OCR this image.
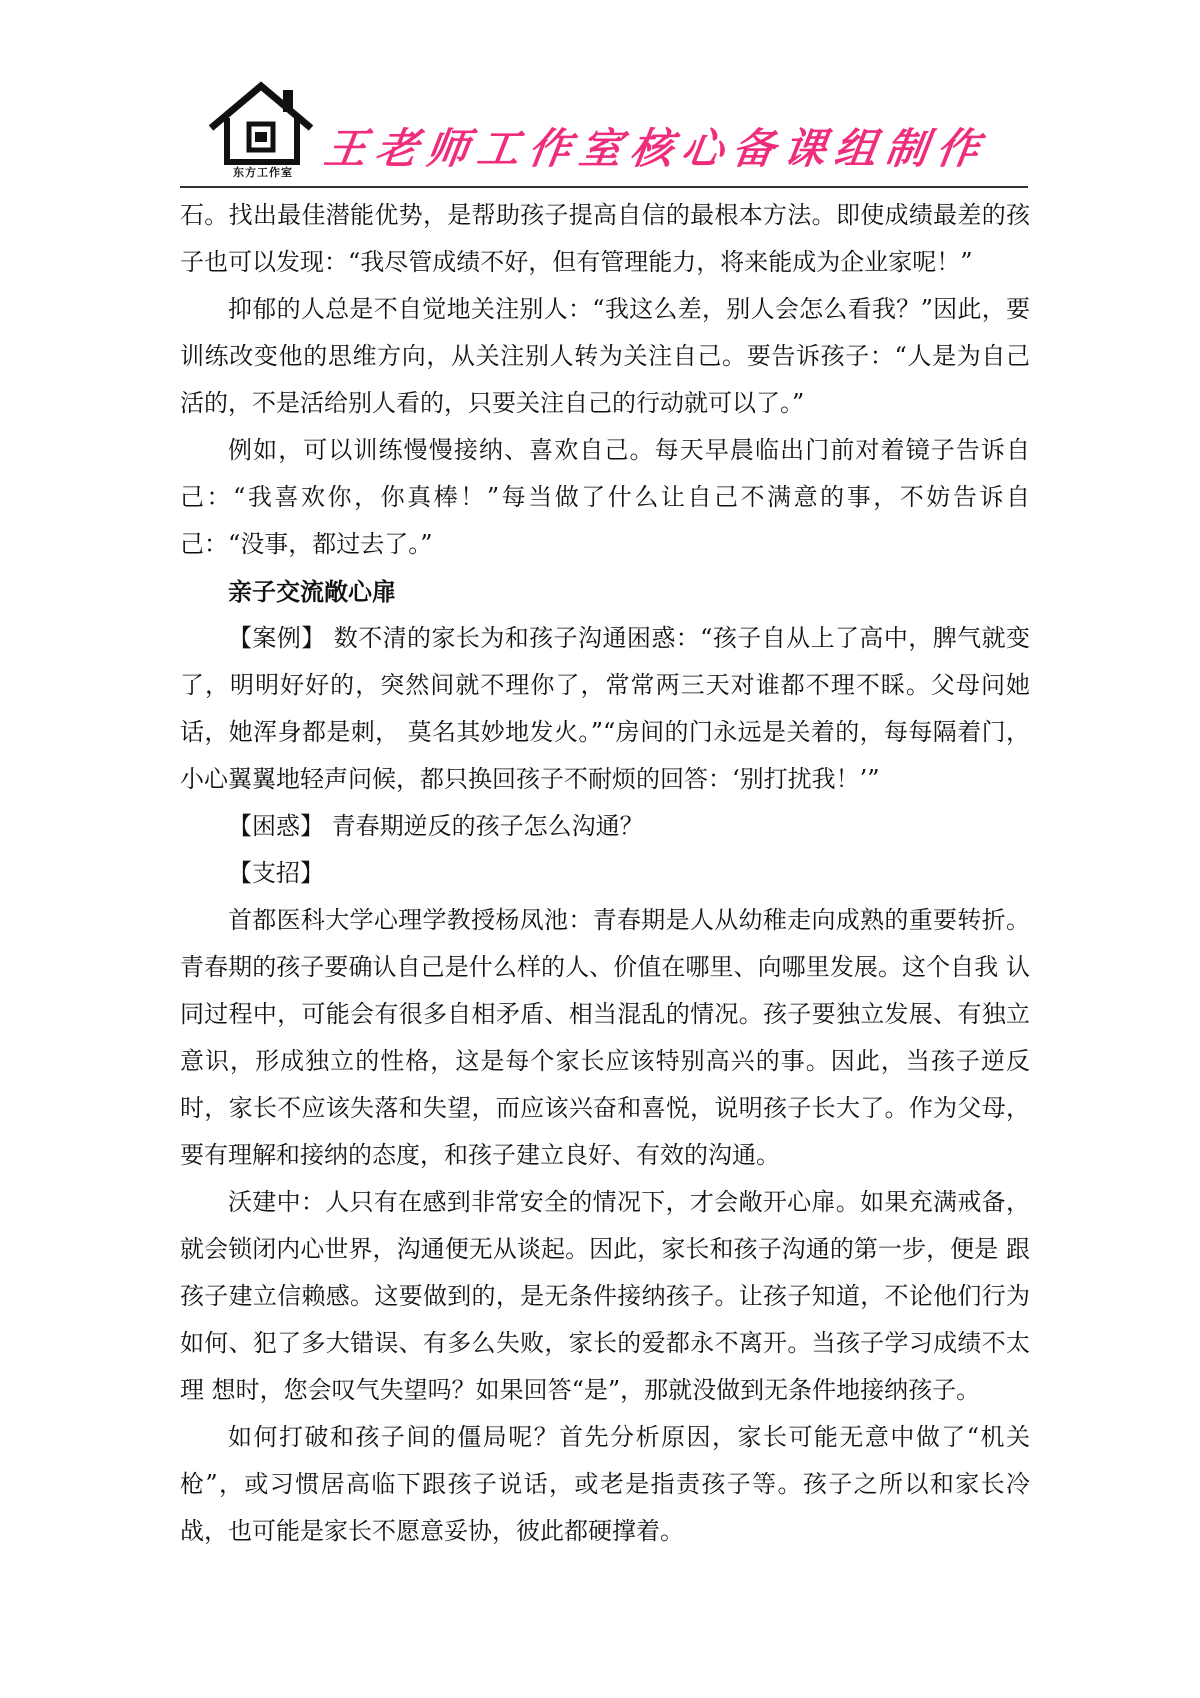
东方工作室 王老师工作室核心备课组制作

石。找出最佳潜能优势，是帮助孩子提高自信的最根本方法。即使成绩最差的孩子也可以发现：“我尽管成绩不好，但有管理能力，将来能成为企业家呢！”

抑郁的人总是不自觉地关注别人：“我这么差，别人会怎么看我？”因此，要训练改变他的思维方向，从关注别人转为关注自己。要告诉孩子：“人是为自己活的，不是活给别人看的，只要关注自己的行动就可以了。”

例如，可以训练慢慢接纳、喜欢自己。每天早晨临出门前对着镜子告诉自己：“我喜欢你，你真棒！”每当做了什么让自己不满意的事，不妨告诉自己：“没事，都过去了。”

亲子交流敞心扉

【案例】 数不清的家长为和孩子沟通困惑：“孩子自从上了高中，脾气就变了，明明好好的，突然间就不理你了，常常两三天对谁都不理不睬。父母问她话，她浑身都是刺， 莫名其妙地发火。”“房间的门永远是关着的，每每隔着门，小心翼翼地轻声问候，都只换回孩子不耐烦的回答：‘别打扰我！’”

【困惑】 青春期逆反的孩子怎么沟通？

【支招】

首都医科大学心理学教授杨凤池：青春期是人从幼稚走向成熟的重要转折。青春期的孩子要确认自己是什么样的人、价值在哪里、向哪里发展。这个自我 认同过程中，可能会有很多自相矛盾、相当混乱的情况。孩子要独立发展、有独立意识，形成独立的性格，这是每个家长应该特别高兴的事。因此，当孩子逆反时，家长不应该失落和失望，而应该兴奋和喜悦，说明孩子长大了。作为父母，要有理解和接纳的态度，和孩子建立良好、有效的沟通。

沃建中：人只有在感到非常安全的情况下，才会敞开心扉。如果充满戒备，就会锁闭内心世界，沟通便无从谈起。因此，家长和孩子沟通的第一步，便是 跟孩子建立信赖感。这要做到的，是无条件接纳孩子。让孩子知道，不论他们行为如何、犯了多大错误、有多么失败，家长的爱都永不离开。当孩子学习成绩不太理 想时，您会叹气失望吗？如果回答“是”，那就没做到无条件地接纳孩子。

如何打破和孩子间的僵局呢？首先分析原因，家长可能无意中做了“机关枪”，或习惯居高临下跟孩子说话，或老是指责孩子等。孩子之所以和家长冷战，也可能是家长不愿意妥协，彼此都硬撑着。
